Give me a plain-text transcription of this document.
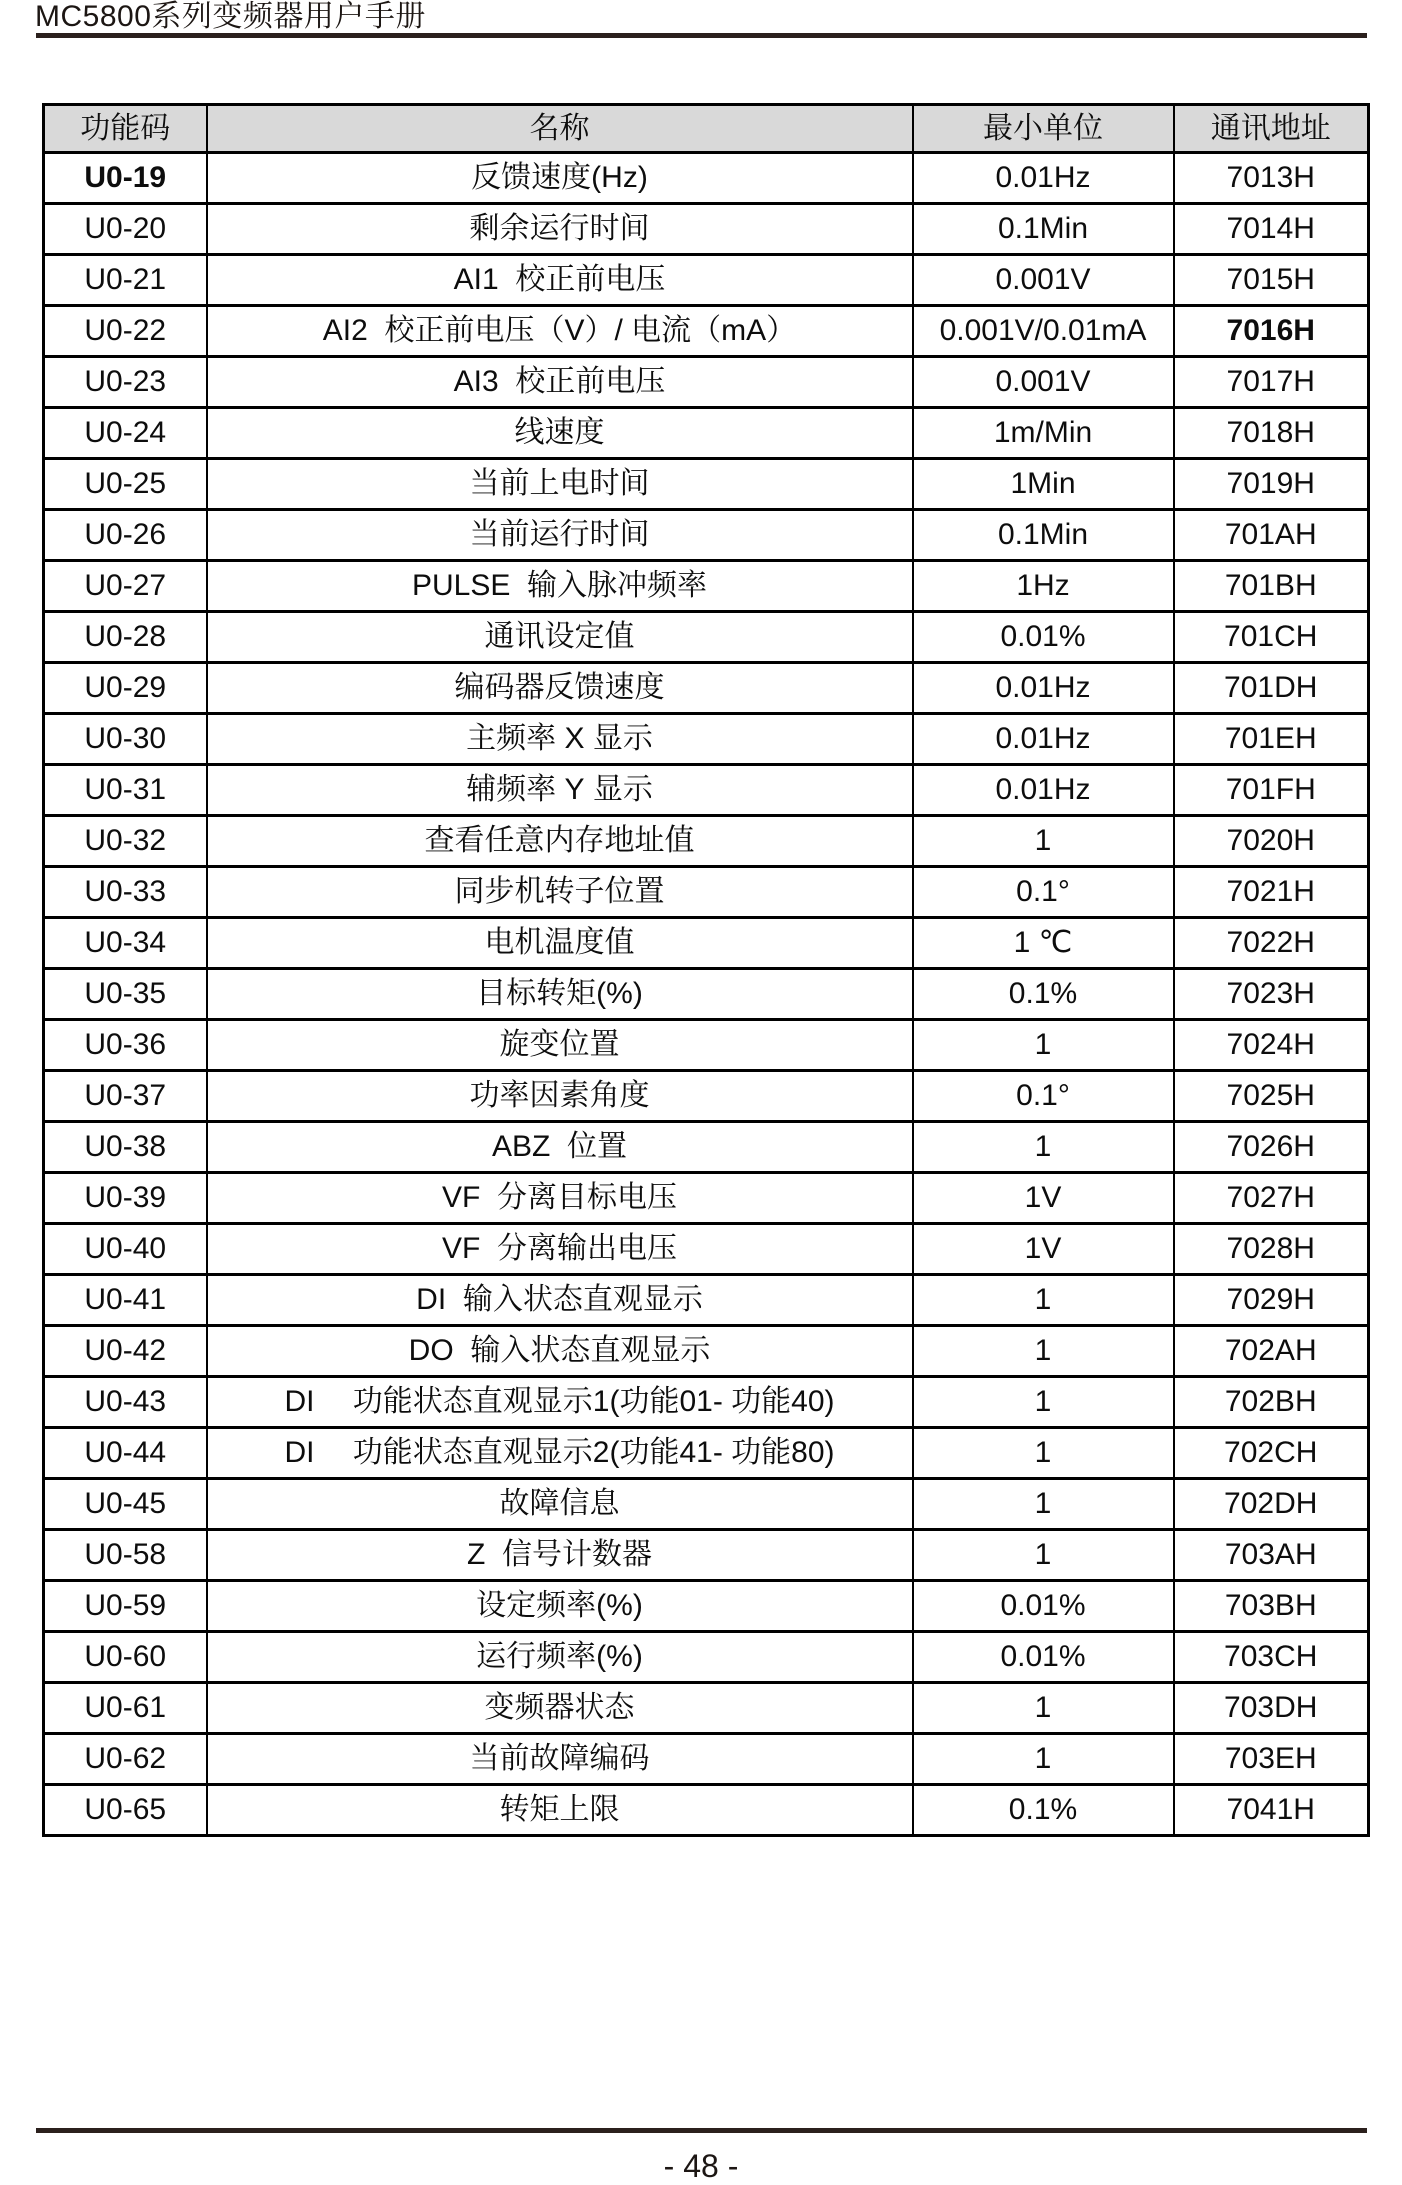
MC5800系列变频器用户手册
功能码	名称	最小单位	通讯地址
U0-19	反馈速度(Hz)	0.01Hz	7013H
U0-20	剩余运行时间	0.1Min	7014H
U0-21	AI1  校正前电压	0.001V	7015H
U0-22	AI2  校正前电压（V）/ 电流（mA）	0.001V/0.01mA	7016H
U0-23	AI3  校正前电压	0.001V	7017H
U0-24	线速度	1m/Min	7018H
U0-25	当前上电时间	1Min	7019H
U0-26	当前运行时间	0.1Min	701AH
U0-27	PULSE  输入脉冲频率	1Hz	701BH
U0-28	通讯设定值	0.01%	701CH
U0-29	编码器反馈速度	0.01Hz	701DH
U0-30	主频率 X 显示	0.01Hz	701EH
U0-31	辅频率 Y 显示	0.01Hz	701FH
U0-32	查看任意内存地址值	1	7020H
U0-33	同步机转子位置	0.1°	7021H
U0-34	电机温度值	1 ℃	7022H
U0-35	目标转矩(%)	0.1%	7023H
U0-36	旋变位置	1	7024H
U0-37	功率因素角度	0.1°	7025H
U0-38	ABZ  位置	1	7026H
U0-39	VF  分离目标电压	1V	7027H
U0-40	VF  分离输出电压	1V	7028H
U0-41	DI  输入状态直观显示	1	7029H
U0-42	DO  输入状态直观显示	1	702AH
U0-43	DI　 功能状态直观显示1(功能01- 功能40)	1	702BH
U0-44	DI　 功能状态直观显示2(功能41- 功能80)	1	702CH
U0-45	故障信息	1	702DH
U0-58	Z  信号计数器	1	703AH
U0-59	设定频率(%)	0.01%	703BH
U0-60	运行频率(%)	0.01%	703CH
U0-61	变频器状态	1	703DH
U0-62	当前故障编码	1	703EH
U0-65	转矩上限	0.1%	7041H
- 48 -
